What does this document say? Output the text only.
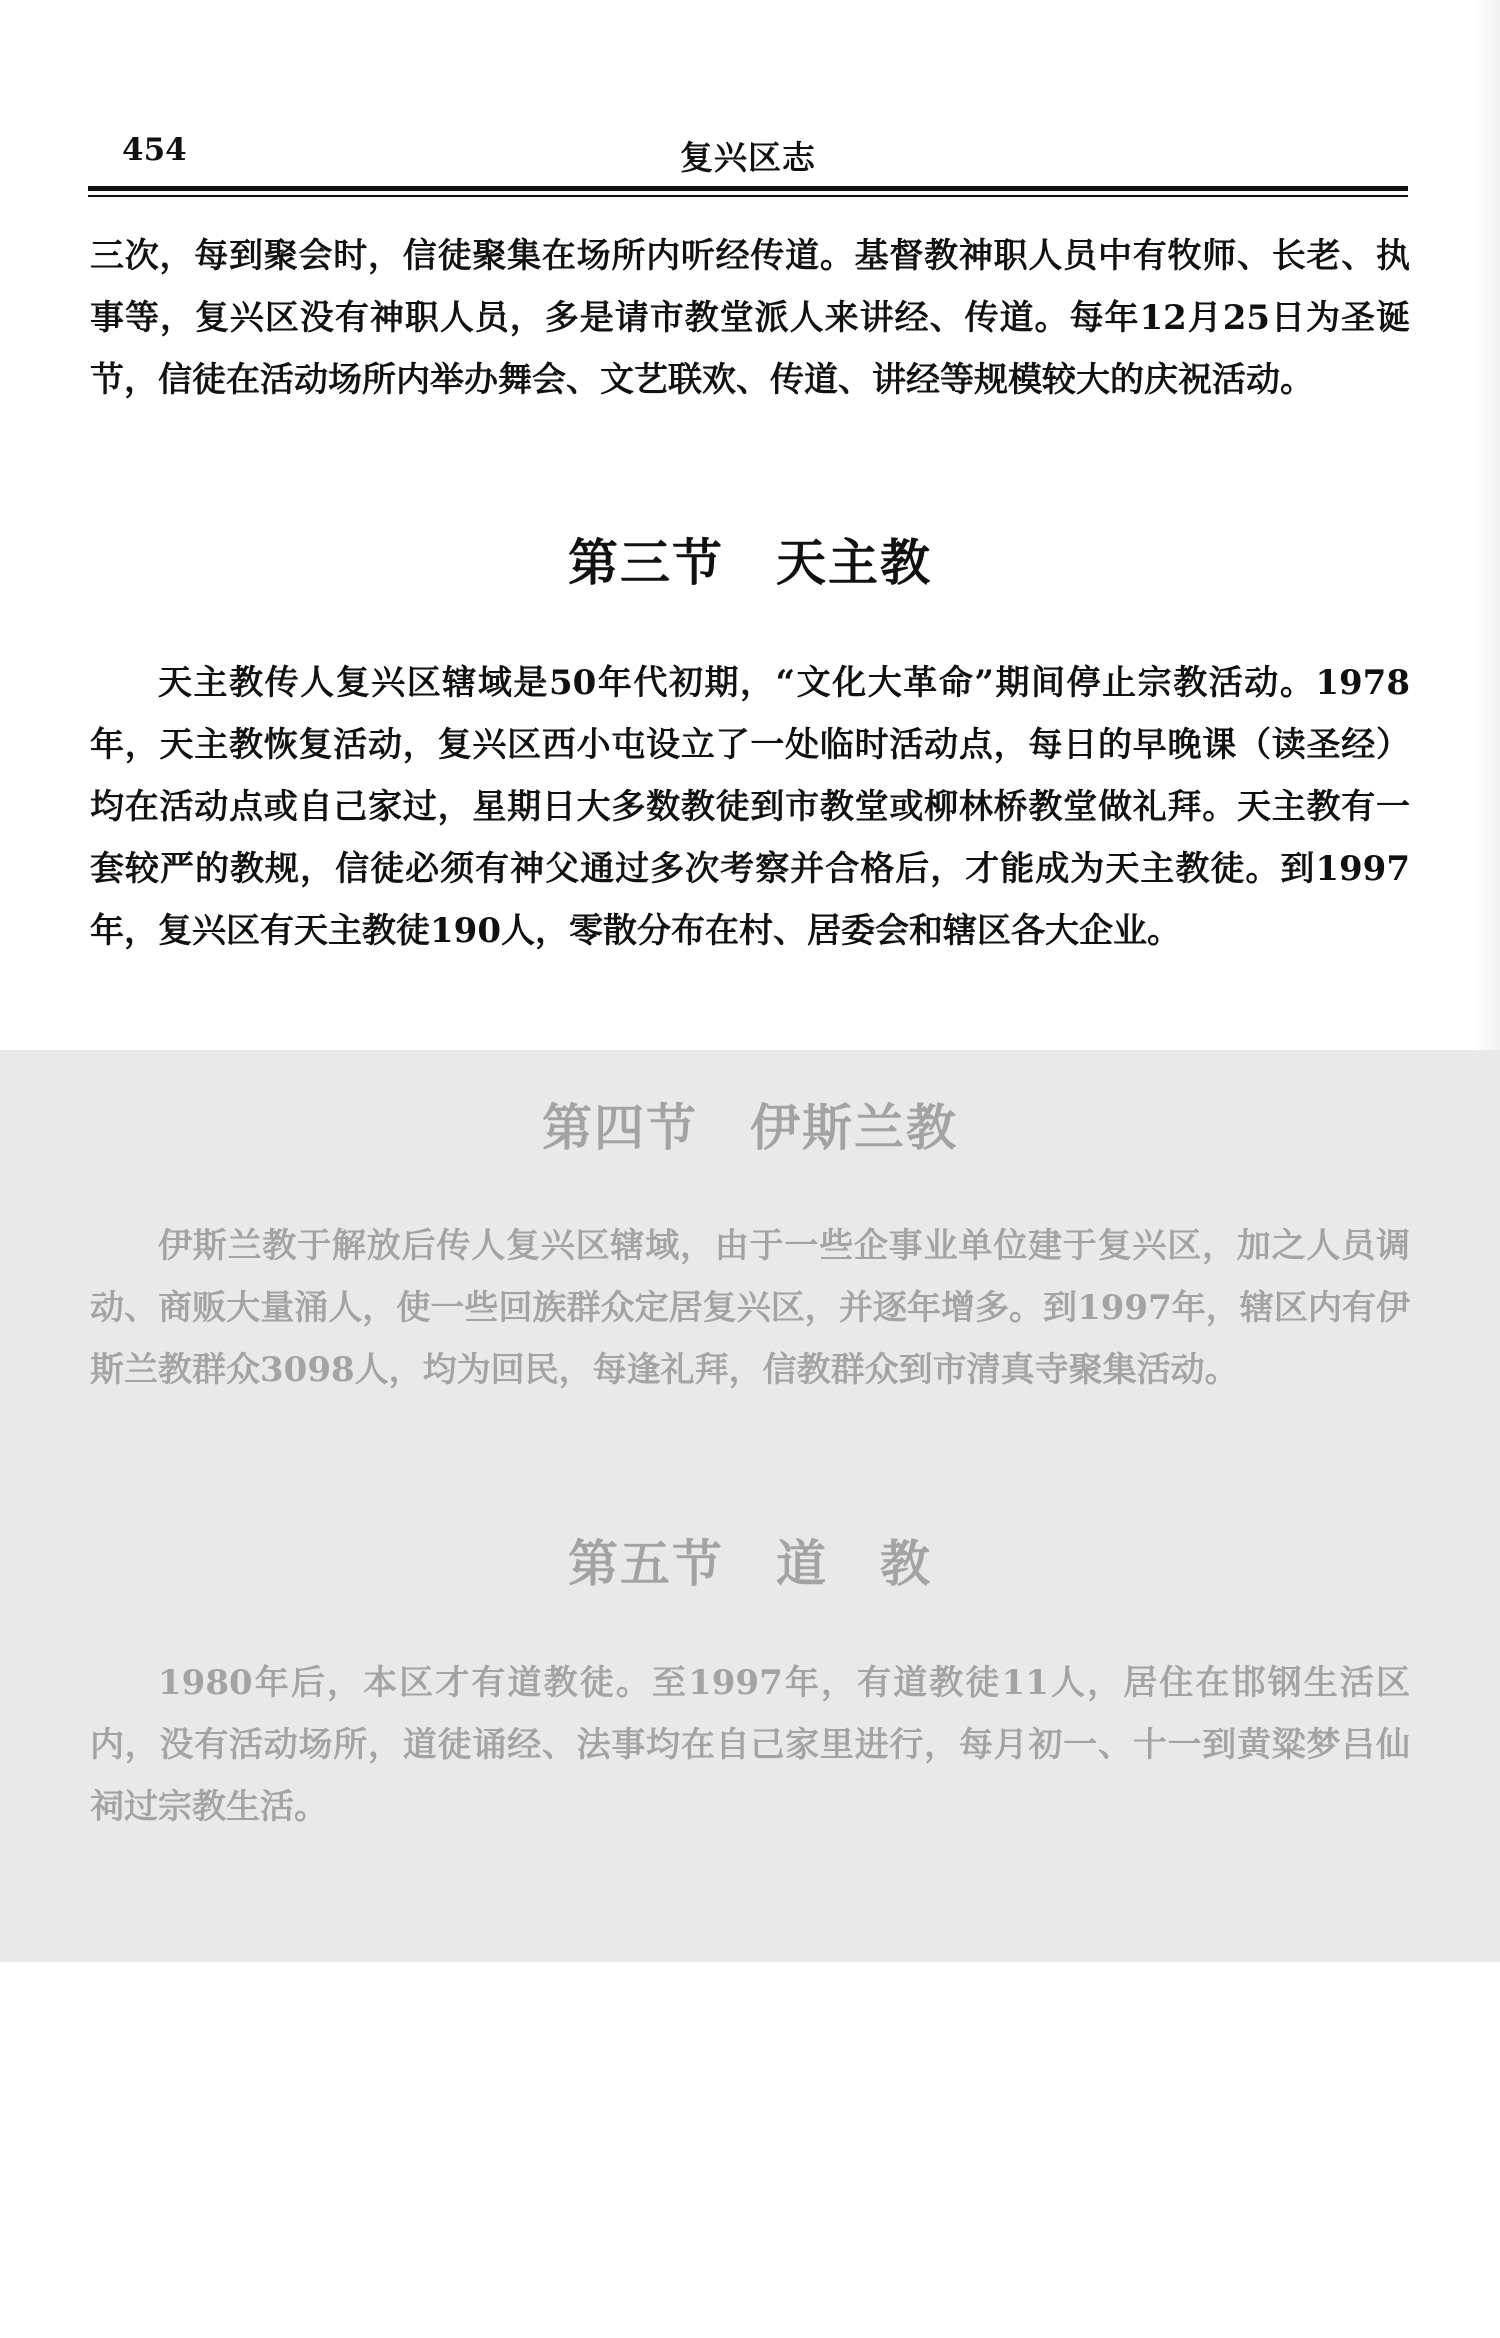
454	复兴区志

三次，每到聚会时，信徒聚集在场所内听经传道。基督教神职人员中有牧师、长老、执事等，复兴区没有神职人员，多是请市教堂派人来讲经、传道。每年12月25日为圣诞节，信徒在活动场所内举办舞会、文艺联欢、传道、讲经等规模较大的庆祝活动。

第三节　天主教

天主教传人复兴区辖域是50年代初期，“文化大革命”期间停止宗教活动。1978年，天主教恢复活动，复兴区西小屯设立了一处临时活动点，每日的早晚课（读圣经）均在活动点或自己家过，星期日大多数教徒到市教堂或柳林桥教堂做礼拜。天主教有一套较严的教规，信徒必须有神父通过多次考察并合格后，才能成为天主教徒。到1997年，复兴区有天主教徒190人，零散分布在村、居委会和辖区各大企业。

第四节　伊斯兰教

伊斯兰教于解放后传人复兴区辖域，由于一些企事业单位建于复兴区，加之人员调动、商贩大量涌人，使一些回族群众定居复兴区，并逐年增多。到1997年，辖区内有伊斯兰教群众3098人，均为回民，每逢礼拜，信教群众到市清真寺聚集活动。

第五节　道　教

1980年后，本区才有道教徒。至1997年，有道教徒11人，居住在邯钢生活区内，没有活动场所，道徒诵经、法事均在自己家里进行，每月初一、十一到黄粱梦吕仙祠过宗教生活。
